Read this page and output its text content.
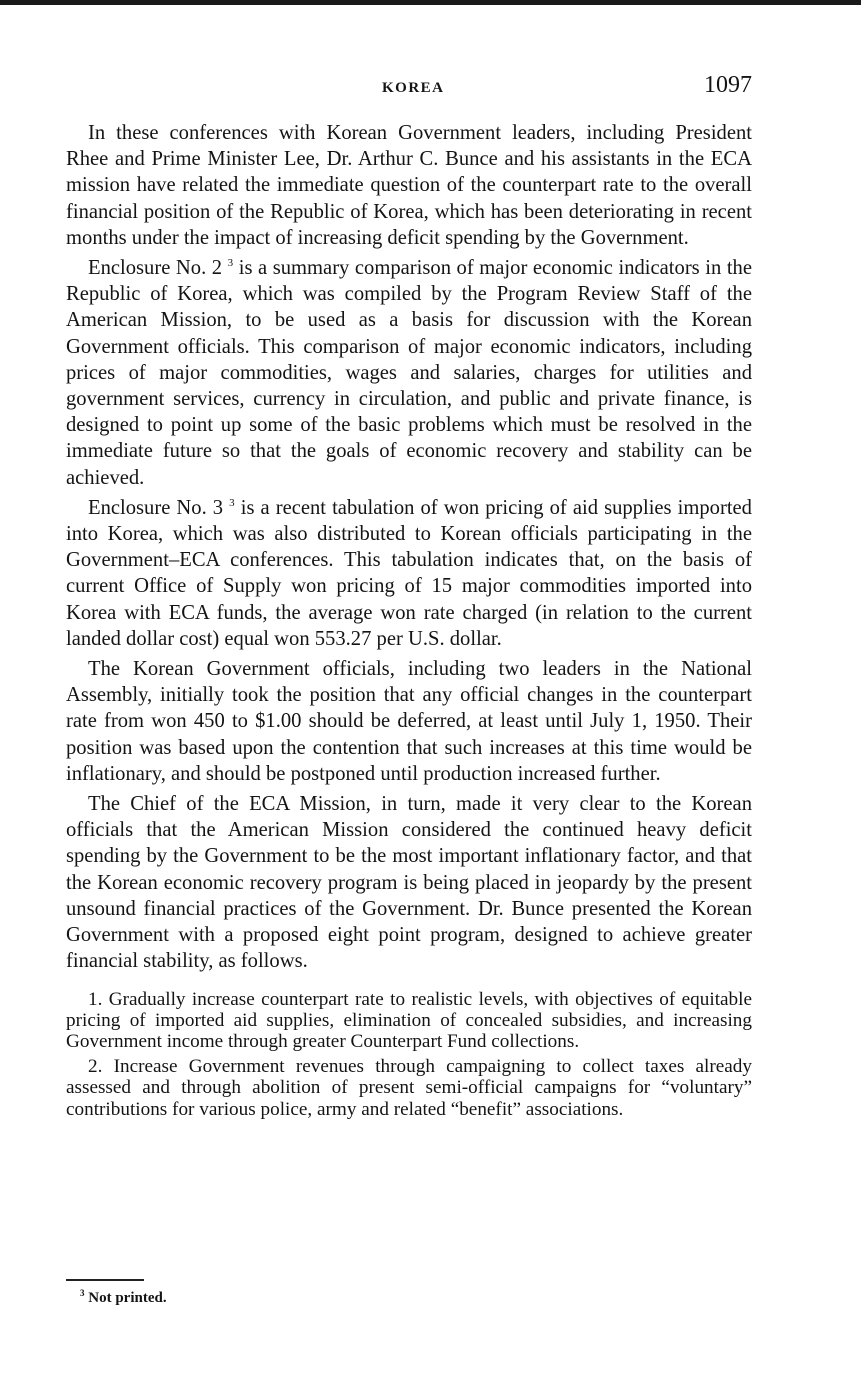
KOREA	1097

In these conferences with Korean Government leaders, including President Rhee and Prime Minister Lee, Dr. Arthur C. Bunce and his assistants in the ECA mission have related the immediate question of the counterpart rate to the overall financial position of the Republic of Korea, which has been deteriorating in recent months under the impact of increasing deficit spending by the Government.

Enclosure No. 2 $^3$ is a summary comparison of major economic indicators in the Republic of Korea, which was compiled by the Program Review Staff of the American Mission, to be used as a basis for discussion with the Korean Government officials. This comparison of major economic indicators, including prices of major commodities, wages and salaries, charges for utilities and government services, currency in circulation, and public and private finance, is designed to point up some of the basic problems which must be resolved in the immediate future so that the goals of economic recovery and stability can be achieved.

Enclosure No. 3 $^3$ is a recent tabulation of won pricing of aid supplies imported into Korea, which was also distributed to Korean officials participating in the Government–ECA conferences. This tabulation indicates that, on the basis of current Office of Supply won pricing of 15 major commodities imported into Korea with ECA funds, the average won rate charged (in relation to the current landed dollar cost) equal won 553.27 per U.S. dollar.

The Korean Government officials, including two leaders in the National Assembly, initially took the position that any official changes in the counterpart rate from won 450 to $1.00 should be deferred, at least until July 1, 1950. Their position was based upon the contention that such increases at this time would be inflationary, and should be postponed until production increased further.

The Chief of the ECA Mission, in turn, made it very clear to the Korean officials that the American Mission considered the continued heavy deficit spending by the Government to be the most important inflationary factor, and that the Korean economic recovery program is being placed in jeopardy by the present unsound financial practices of the Government. Dr. Bunce presented the Korean Government with a proposed eight point program, designed to achieve greater financial stability, as follows.

1. Gradually increase counterpart rate to realistic levels, with objectives of equitable pricing of imported aid supplies, elimination of concealed subsidies, and increasing Government income through greater Counterpart Fund collections.

2. Increase Government revenues through campaigning to collect taxes already assessed and through abolition of present semi-official campaigns for “voluntary” contributions for various police, army and related “benefit” associations.

$^3$ Not printed.
